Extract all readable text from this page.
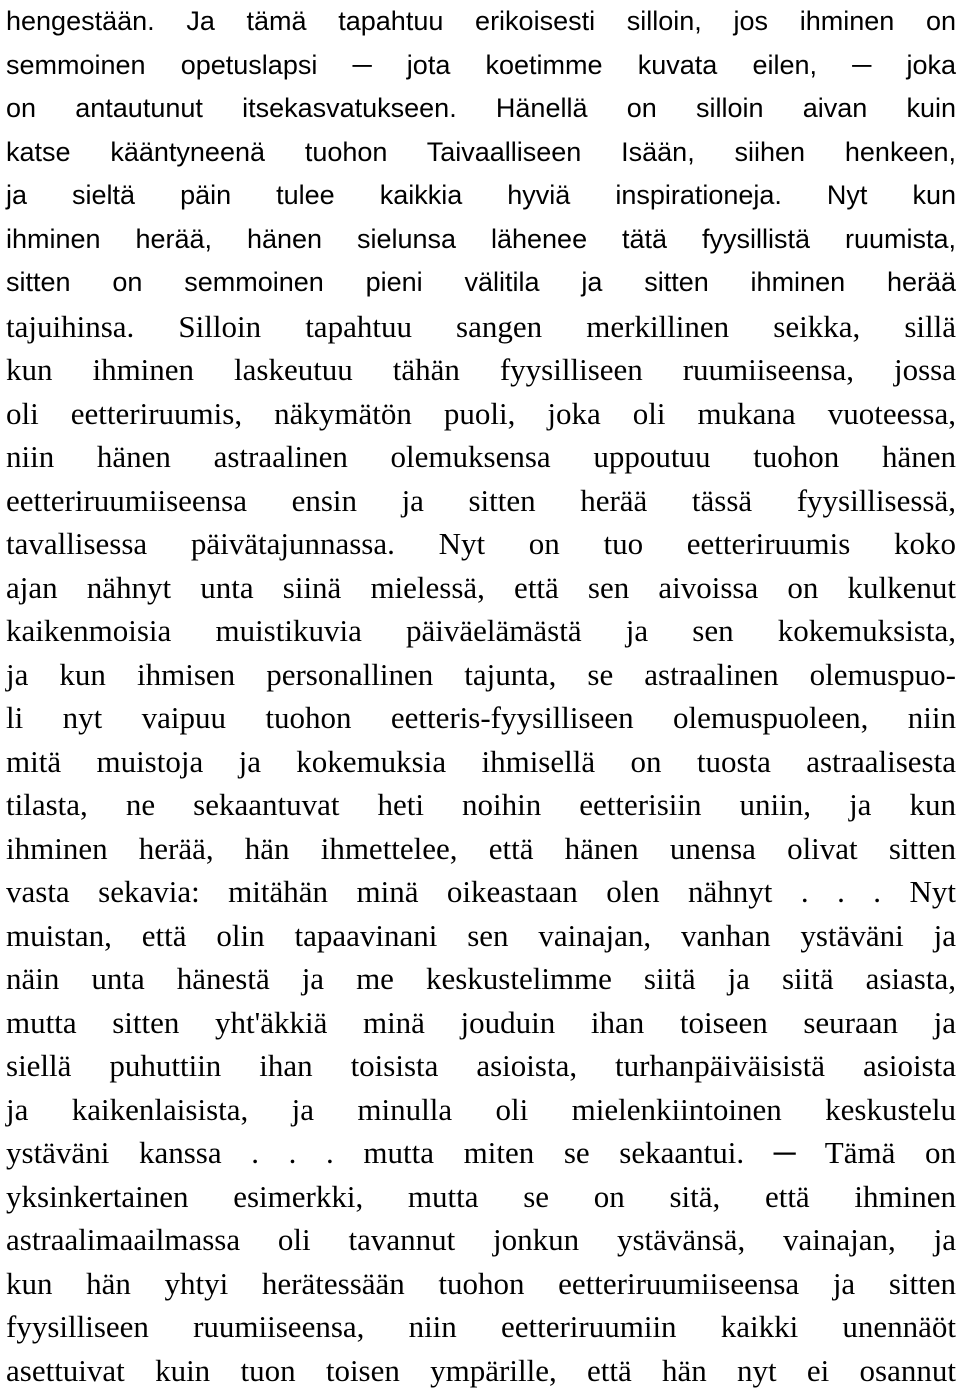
hengestään. Ja tämä tapahtuu erikoisesti silloin, jos ihminen on
semmoinen opetuslapsi ─ jota koetimme kuvata eilen, ─ joka
on antautunut itsekasvatukseen. Hänellä on silloin aivan kuin
katse kääntyneenä tuohon Taivaalliseen Isään, siihen henkeen,
ja sieltä päin tulee kaikkia hyviä inspirationeja. Nyt kun
ihminen herää, hänen sielunsa lähenee tätä fyysillistä ruumista,
sitten on semmoinen pieni välitila ja sitten ihminen herää
tajuihinsa. Silloin tapahtuu sangen merkillinen seikka, sillä
kun ihminen laskeutuu tähän fyysilliseen ruumiiseensa, jossa
oli eetteriruumis, näkymätön puoli, joka oli mukana vuoteessa,
niin hänen astraalinen olemuksensa uppoutuu tuohon hänen
eetteriruumiiseensa ensin ja sitten herää tässä fyysillisessä,
tavallisessa päivätajunnassa. Nyt on tuo eetteriruumis koko
ajan nähnyt unta siinä mielessä, että sen aivoissa on kulkenut
kaikenmoisia muistikuvia päiväelämästä ja sen kokemuksista,
ja kun ihmisen personallinen tajunta, se astraalinen olemuspuo-
li nyt vaipuu tuohon eetteris-fyysilliseen olemuspuoleen, niin
mitä muistoja ja kokemuksia ihmisellä on tuosta astraalisesta
tilasta, ne sekaantuvat heti noihin eetterisiin uniin, ja kun
ihminen herää, hän ihmettelee, että hänen unensa olivat sitten
vasta sekavia: mitähän minä oikeastaan olen nähnyt . . . Nyt
muistan, että olin tapaavinani sen vainajan, vanhan ystäväni ja
näin unta hänestä ja me keskustelimme siitä ja siitä asiasta,
mutta sitten yht'äkkiä minä jouduin ihan toiseen seuraan ja
siellä puhuttiin ihan toisista asioista, turhanpäiväisistä asioista
ja kaikenlaisista, ja minulla oli mielenkiintoinen keskustelu
ystäväni kanssa . . . mutta miten se sekaantui. ─ Tämä on
yksinkertainen esimerkki, mutta se on sitä, että ihminen
astraalimaailmassa oli tavannut jonkun ystävänsä, vainajan, ja
kun hän yhtyi herätessään tuohon eetteriruumiiseensa ja sitten
fyysilliseen ruumiiseensa, niin eetteriruumiin kaikki unennäöt
asettuivat kuin tuon toisen ympärille, että hän nyt ei osannut
